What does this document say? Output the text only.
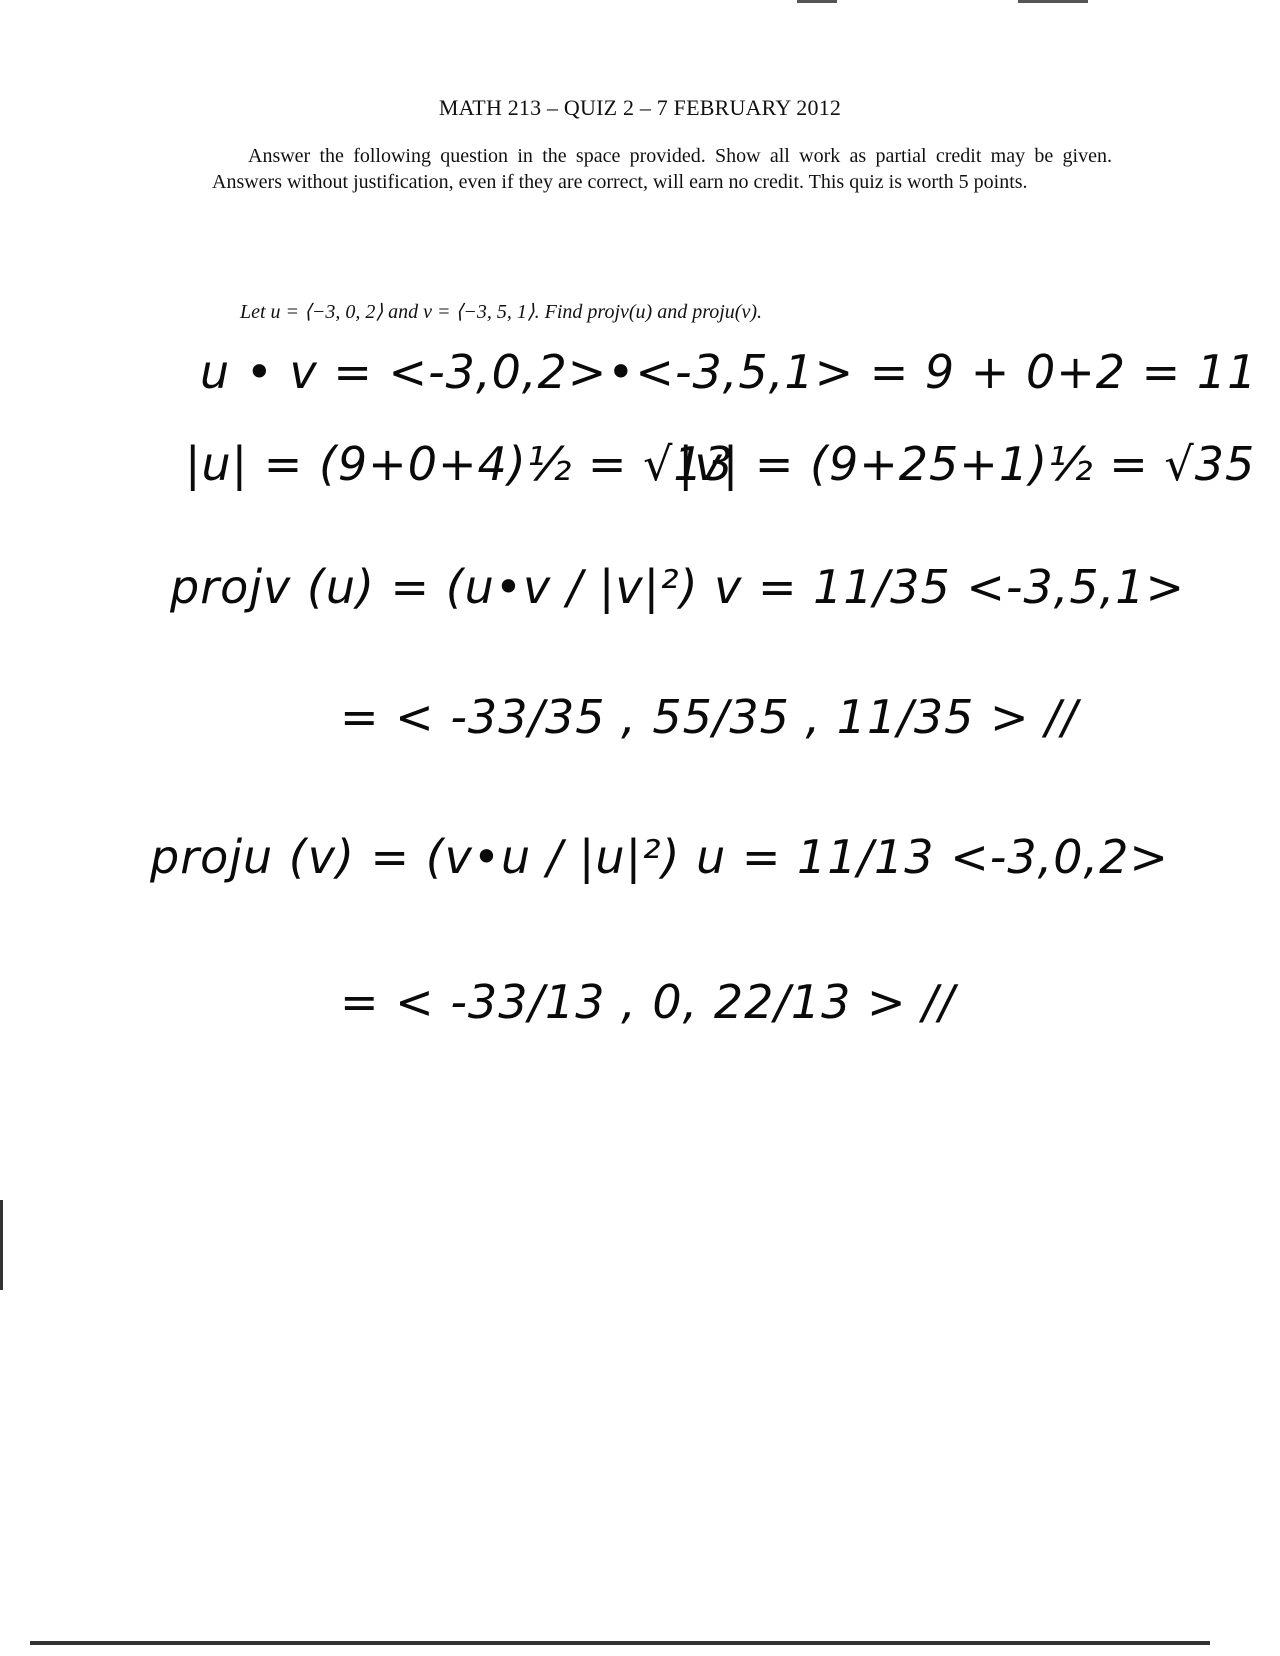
MATH 213 – QUIZ 2 – 7 FEBRUARY 2012
Answer the following question in the space provided. Show all work as partial credit may be given. Answers without justification, even if they are correct, will earn no credit. This quiz is worth 5 points.
Let u = ⟨−3, 0, 2⟩ and v = ⟨−3, 5, 1⟩. Find projv(u) and proju(v).
u • v = <-3,0,2>•<-3,5,1> = 9 + 0+2 = 11
|u| = (9+0+4)½ = √13
|v| = (9+25+1)½ = √35
projv (u) = (u•v / |v|²) v = 11/35 <-3,5,1>
= < -33/35 , 55/35 , 11/35 > //
proju (v) = (v•u / |u|²) u = 11/13 <-3,0,2>
= < -33/13 , 0, 22/13 > //
